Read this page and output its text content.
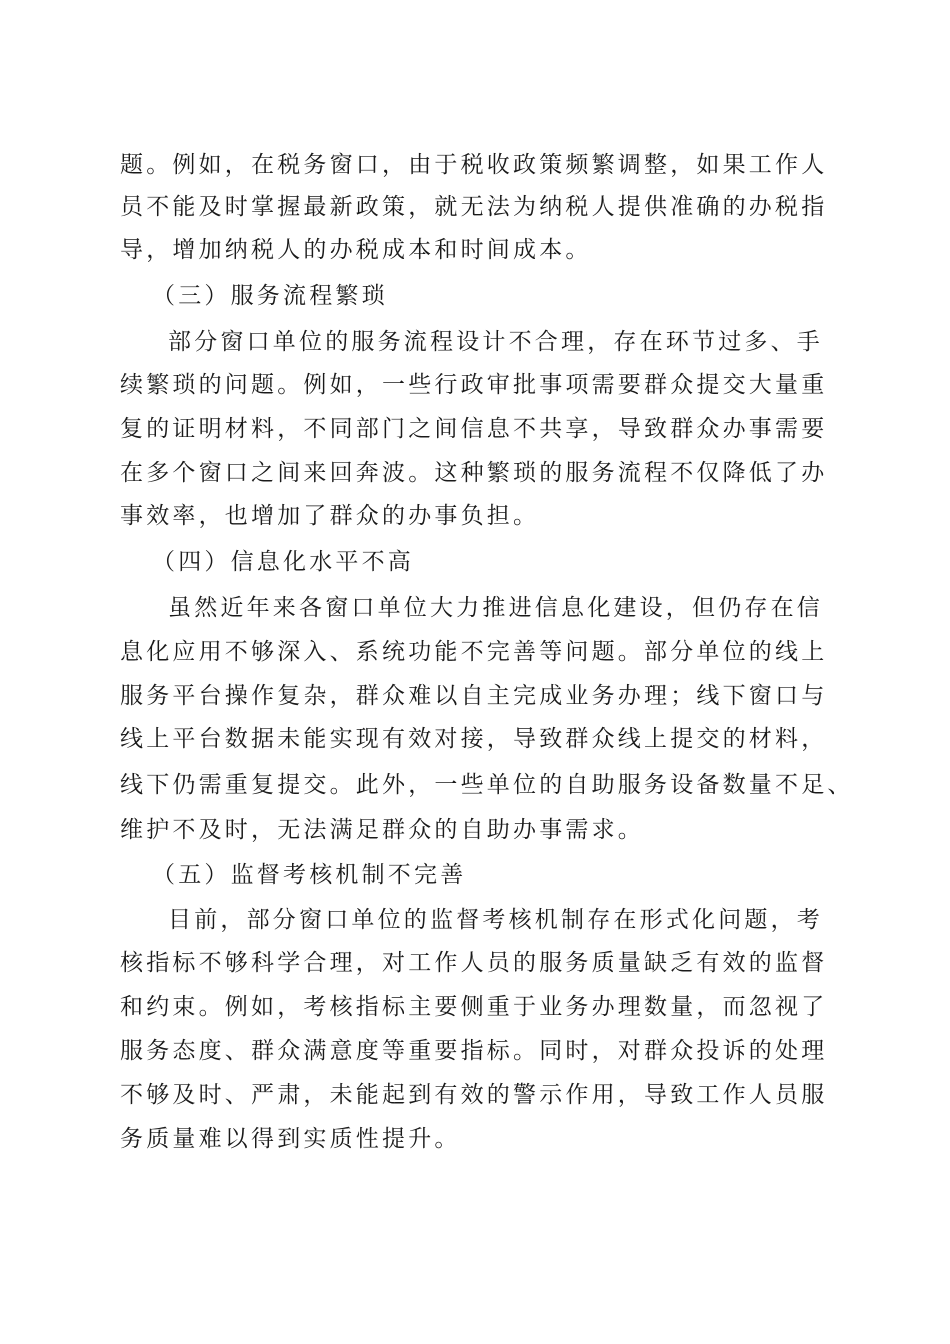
题。例如，在税务窗口，由于税收政策频繁调整，如果工作人
员不能及时掌握最新政策，就无法为纳税人提供准确的办税指
导，增加纳税人的办税成本和时间成本。
（三）服务流程繁琐
部分窗口单位的服务流程设计不合理，存在环节过多、手
续繁琐的问题。例如，一些行政审批事项需要群众提交大量重
复的证明材料，不同部门之间信息不共享，导致群众办事需要
在多个窗口之间来回奔波。这种繁琐的服务流程不仅降低了办
事效率，也增加了群众的办事负担。
（四）信息化水平不高
虽然近年来各窗口单位大力推进信息化建设，但仍存在信
息化应用不够深入、系统功能不完善等问题。部分单位的线上
服务平台操作复杂，群众难以自主完成业务办理；线下窗口与
线上平台数据未能实现有效对接，导致群众线上提交的材料，
线下仍需重复提交。此外，一些单位的自助服务设备数量不足、
维护不及时，无法满足群众的自助办事需求。
（五）监督考核机制不完善
目前，部分窗口单位的监督考核机制存在形式化问题，考
核指标不够科学合理，对工作人员的服务质量缺乏有效的监督
和约束。例如，考核指标主要侧重于业务办理数量，而忽视了
服务态度、群众满意度等重要指标。同时，对群众投诉的处理
不够及时、严肃，未能起到有效的警示作用，导致工作人员服
务质量难以得到实质性提升。
